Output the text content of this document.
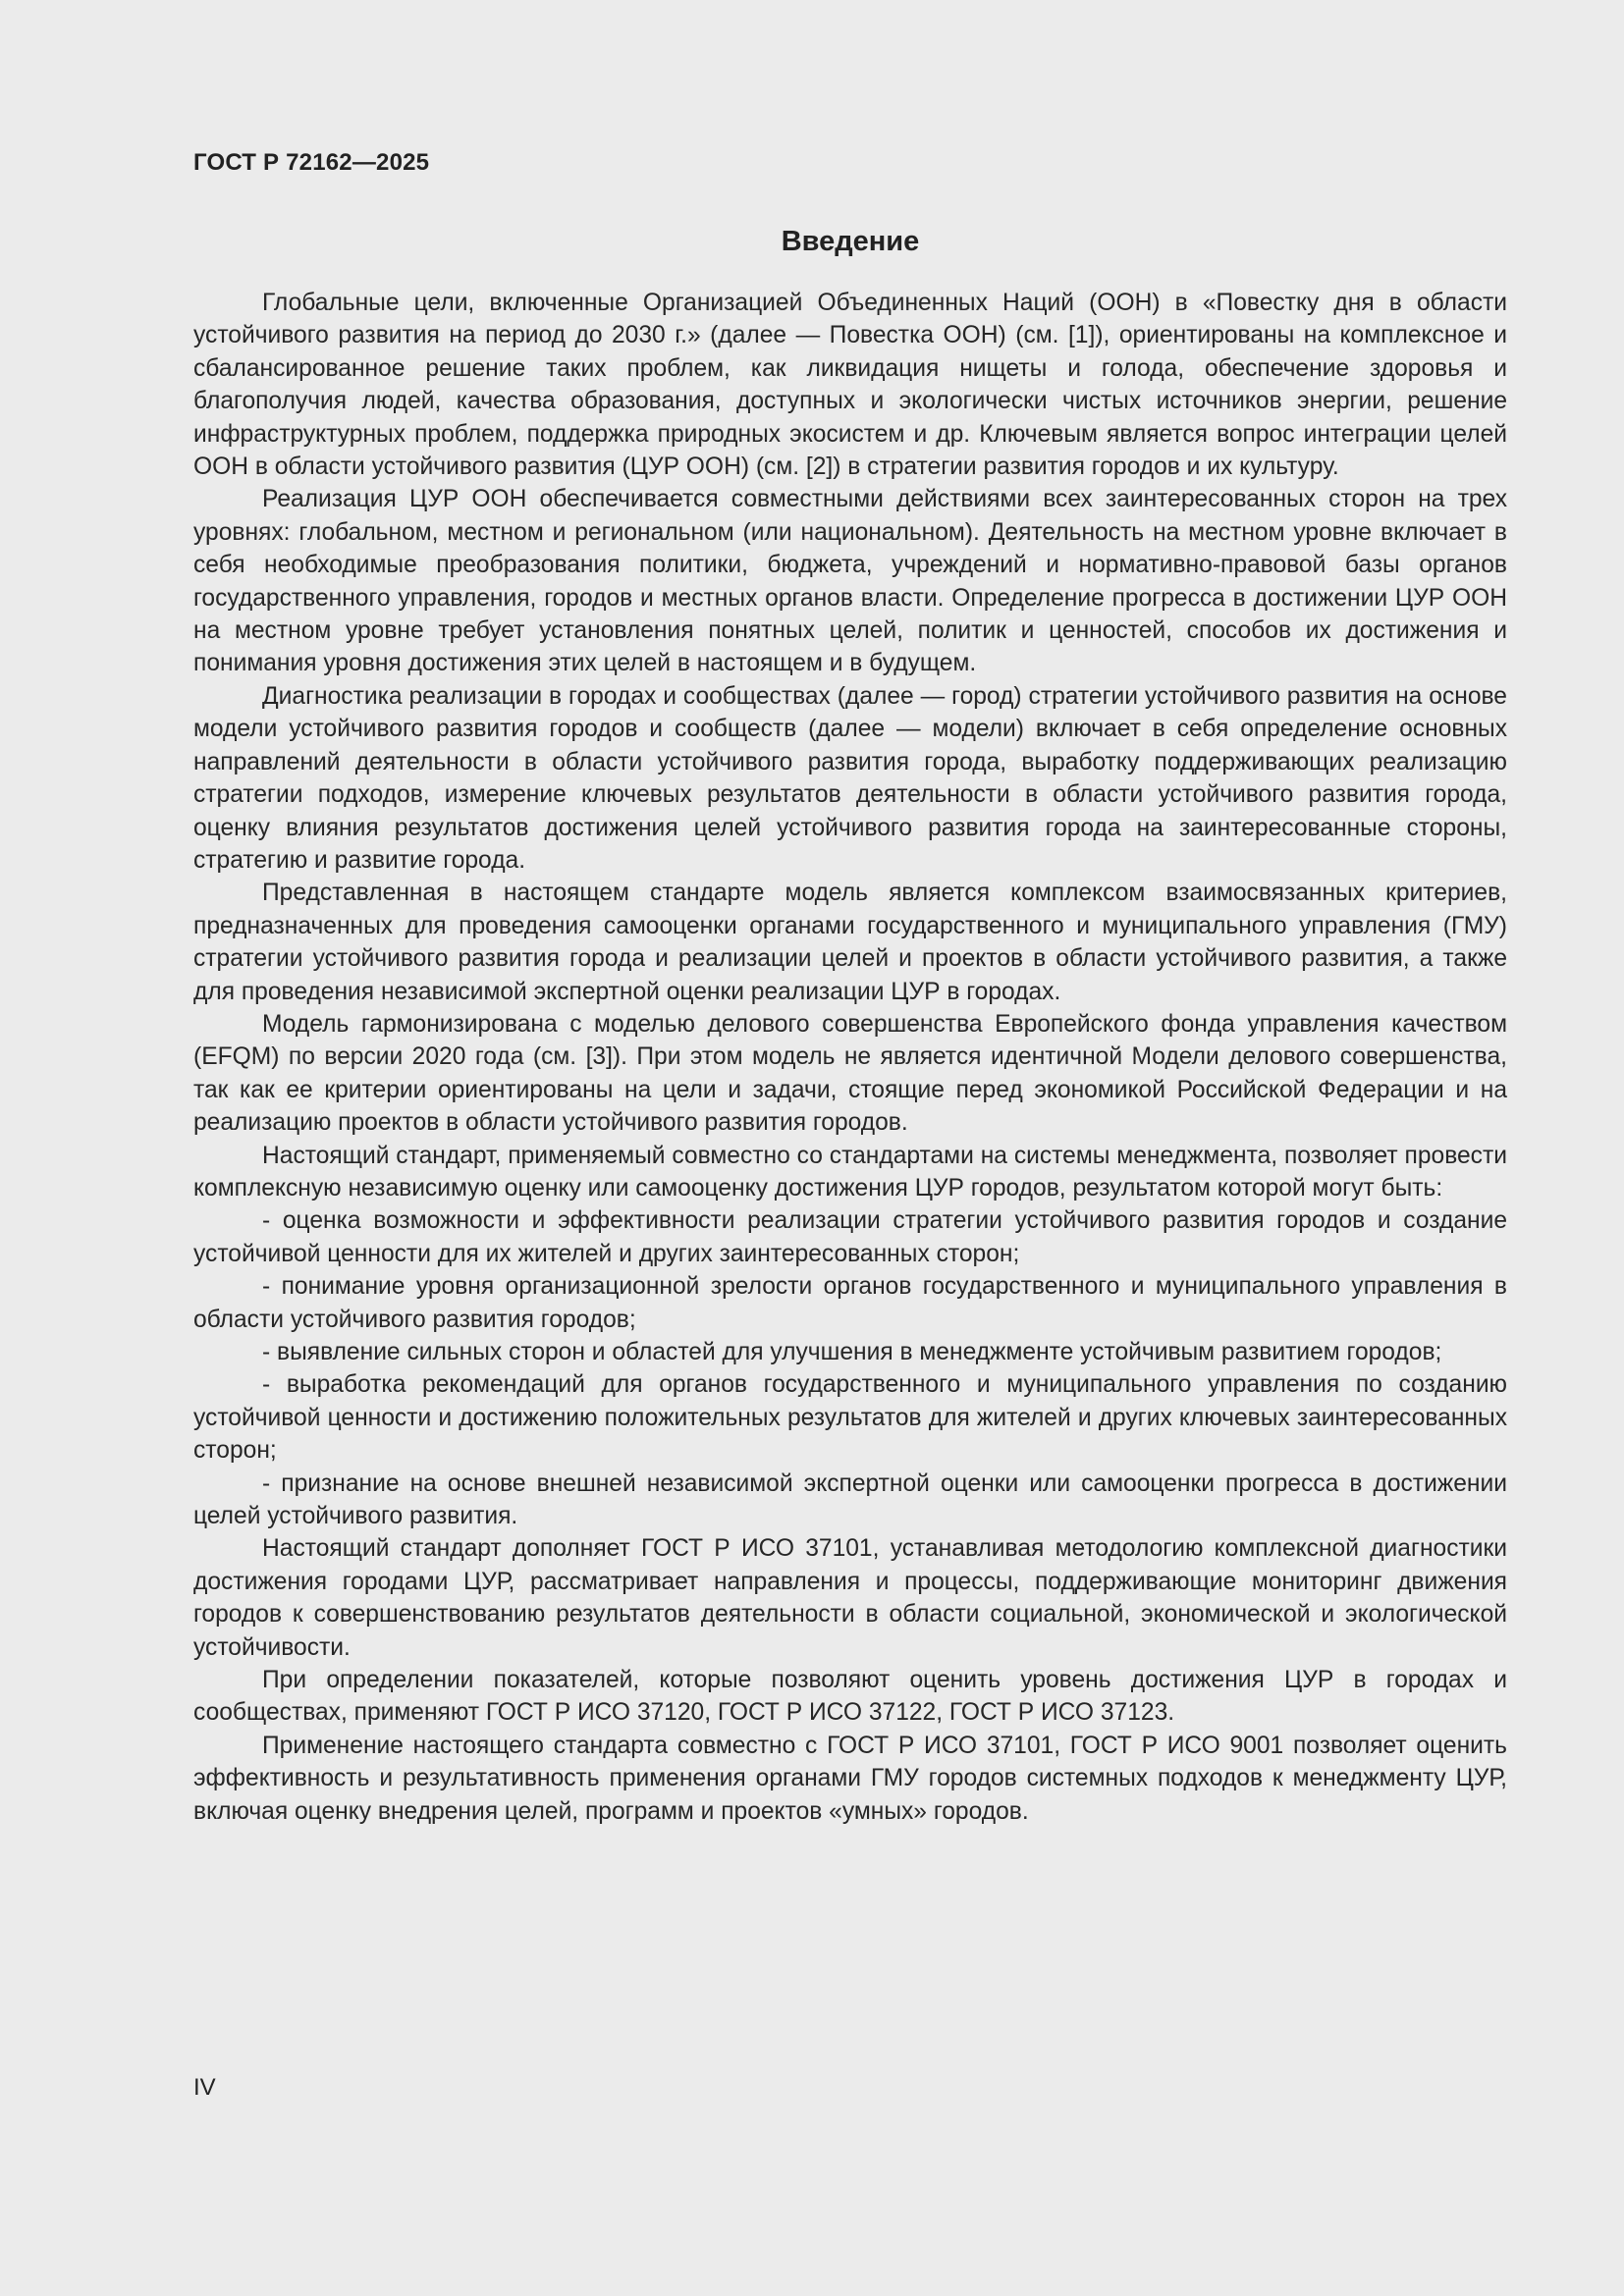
ГОСТ Р 72162—2025
Введение

Глобальные цели, включенные Организацией Объединенных Наций (ООН) в «Повестку дня в области устойчивого развития на период до 2030 г.» (далее — Повестка ООН) (см. [1]), ориентированы на комплексное и сбалансированное решение таких проблем, как ликвидация нищеты и голода, обеспечение здоровья и благополучия людей, качества образования, доступных и экологически чистых источников энергии, решение инфраструктурных проблем, поддержка природных экосистем и др. Ключевым является вопрос интеграции целей ООН в области устойчивого развития (ЦУР ООН) (см. [2]) в стратегии развития городов и их культуру.

Реализация ЦУР ООН обеспечивается совместными действиями всех заинтересованных сторон на трех уровнях: глобальном, местном и региональном (или национальном). Деятельность на местном уровне включает в себя необходимые преобразования политики, бюджета, учреждений и нормативно-правовой базы органов государственного управления, городов и местных органов власти. Определение прогресса в достижении ЦУР ООН на местном уровне требует установления понятных целей, политик и ценностей, способов их достижения и понимания уровня достижения этих целей в настоящем и в будущем.

Диагностика реализации в городах и сообществах (далее — город) стратегии устойчивого развития на основе модели устойчивого развития городов и сообществ (далее — модели) включает в себя определение основных направлений деятельности в области устойчивого развития города, выработку поддерживающих реализацию стратегии подходов, измерение ключевых результатов деятельности в области устойчивого развития города, оценку влияния результатов достижения целей устойчивого развития города на заинтересованные стороны, стратегию и развитие города.

Представленная в настоящем стандарте модель является комплексом взаимосвязанных критериев, предназначенных для проведения самооценки органами государственного и муниципального управления (ГМУ) стратегии устойчивого развития города и реализации целей и проектов в области устойчивого развития, а также для проведения независимой экспертной оценки реализации ЦУР в городах.

Модель гармонизирована с моделью делового совершенства Европейского фонда управления качеством (EFQM) по версии 2020 года (см. [3]). При этом модель не является идентичной Модели делового совершенства, так как ее критерии ориентированы на цели и задачи, стоящие перед экономикой Российской Федерации и на реализацию проектов в области устойчивого развития городов.

Настоящий стандарт, применяемый совместно со стандартами на системы менеджмента, позволяет провести комплексную независимую оценку или самооценку достижения ЦУР городов, результатом которой могут быть:

- оценка возможности и эффективности реализации стратегии устойчивого развития городов и создание устойчивой ценности для их жителей и других заинтересованных сторон;

- понимание уровня организационной зрелости органов государственного и муниципального управления в области устойчивого развития городов;

- выявление сильных сторон и областей для улучшения в менеджменте устойчивым развитием городов;

- выработка рекомендаций для органов государственного и муниципального управления по созданию устойчивой ценности и достижению положительных результатов для жителей и других ключевых заинтересованных сторон;

- признание на основе внешней независимой экспертной оценки или самооценки прогресса в достижении целей устойчивого развития.

Настоящий стандарт дополняет ГОСТ Р ИСО 37101, устанавливая методологию комплексной диагностики достижения городами ЦУР, рассматривает направления и процессы, поддерживающие мониторинг движения городов к совершенствованию результатов деятельности в области социальной, экономической и экологической устойчивости.

При определении показателей, которые позволяют оценить уровень достижения ЦУР в городах и сообществах, применяют ГОСТ Р ИСО 37120, ГОСТ Р ИСО 37122, ГОСТ Р ИСО 37123.

Применение настоящего стандарта совместно с ГОСТ Р ИСО 37101, ГОСТ Р ИСО 9001 позволяет оценить эффективность и результативность применения органами ГМУ городов системных подходов к менеджменту ЦУР, включая оценку внедрения целей, программ и проектов «умных» городов.

IV
